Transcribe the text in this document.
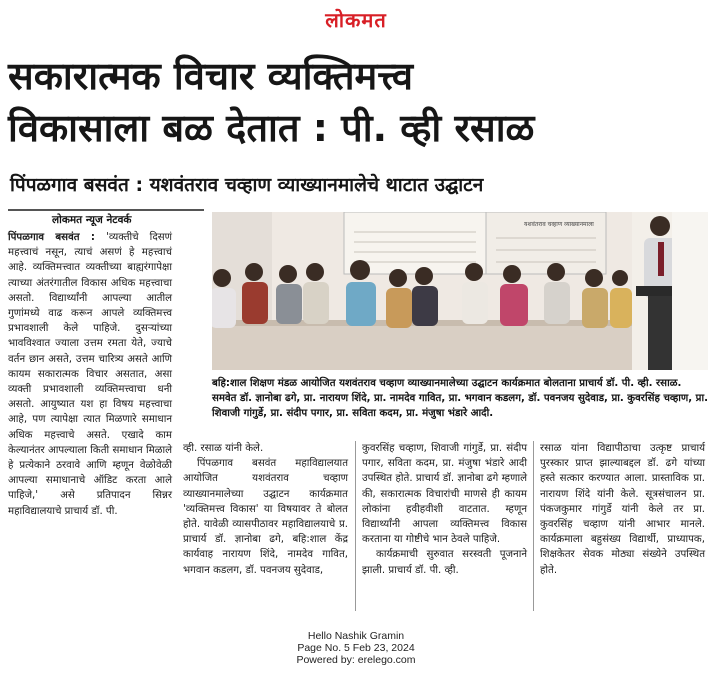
लोकमत
सकारात्मक विचार व्यक्तिमत्त्व
विकासाला बळ देतात : पी. व्ही रसाळ
पिंपळगाव बसवंत : यशवंतराव चव्हाण व्याख्यानमालेचे थाटात उद्घाटन
लोकमत न्यूज नेटवर्क

पिंपळगाव बसवंत : 'व्यक्तीचे दिसणं महत्त्वाचं नसून, त्याचं असणं हे महत्त्वाचं आहे. व्यक्तिमत्त्वात व्यक्तीच्या बाह्यरंगापेक्षा त्याच्या अंतरंगातील विकास अधिक महत्त्वाचा असतो. विद्यार्थ्यांनी आपल्या आतील गुणांमध्ये वाढ करून आपले व्यक्तिमत्त्व प्रभावशाली केले पाहिजे. दुसऱ्यांच्या भावविश्वात ज्याला उत्तम रमता येते, ज्याचे वर्तन छान असते, उत्तम चारित्र्य असते आणि कायम सकारात्मक विचार असतात, असा व्यक्ती प्रभावशाली व्यक्तिमत्त्वाचा धनी असतो. आयुष्यात यश हा विषय महत्त्वाचा आहे, पण त्यापेक्षा त्यात मिळणारे समाधान अधिक महत्त्वाचे असते. एखादे काम केल्यानंतर आपल्याला किती समाधान मिळाले हे प्रत्येकाने ठरवावे आणि म्हणून वेळोवेळी आपल्या समाधानाचे ऑडिट करता आले पाहिजे,' असे प्रतिपादन सिन्नर महाविद्यालयाचे प्राचार्य डॉ. पी.

यशवंतराव चव्हाण व्याख्यानमाला
बहि:शाल शिक्षण मंडळ आयोजित यशवंतराव चव्हाण व्याख्यानमालेच्या उद्घाटन कार्यक्रमात बोलताना प्राचार्य डॉ. पी. व्ही. रसाळ. समवेत डॉ. ज्ञानोबा ढगे, प्रा. नारायण शिंदे, प्रा. नामदेव गावित, प्रा. भगवान कडलग, डॉ. पवनजय सुदेवाड, प्रा. कुवरसिंह चव्हाण, प्रा. शिवाजी गांगुर्डे, प्रा. संदीप पगार, प्रा. सविता कदम, प्रा. मंजुषा भंडारे आदी.

व्ही. रसाळ यांनी केले.

पिंपळगाव बसवंत महाविद्यालयात आयोजित यशवंतराव चव्हाण व्याख्यानमालेच्या उद्घाटन कार्यक्रमात 'व्यक्तिमत्त्व विकास' या विषयावर ते बोलत होते. यावेळी व्यासपीठावर महाविद्यालयाचे प्र. प्राचार्य डॉ. ज्ञानोबा ढगे, बहि:शाल केंद्र कार्यवाह नारायण शिंदे, नामदेव गावित, भगवान कडलग, डॉ. पवनजय सुदेवाड,

कुवरसिंह चव्हाण, शिवाजी गांगुर्डे, प्रा. संदीप पगार, सविता कदम, प्रा. मंजुषा भंडारे आदी उपस्थित होते. प्राचार्य डॉ. ज्ञानोबा ढगे म्हणाले की, सकारात्मक विचारांची माणसे ही कायम लोकांना हवीहवीशी वाटतात. म्हणून विद्यार्थ्यांनी आपला व्यक्तिमत्त्व विकास करताना या गोष्टीचे भान ठेवले पाहिजे.

कार्यक्रमाची सुरुवात सरस्वती पूजनाने झाली. प्राचार्य डॉ. पी. व्ही.

रसाळ यांना विद्यापीठाचा उत्कृष्ट प्राचार्य पुरस्कार प्राप्त झाल्याबद्दल डॉ. ढगे यांच्या हस्ते सत्कार करण्यात आला. प्रास्ताविक प्रा. नारायण शिंदे यांनी केले. सूत्रसंचालन प्रा. पंकजकुमार गांगुर्डे यांनी केले तर प्रा. कुवरसिंह चव्हाण यांनी आभार मानले. कार्यक्रमाला बहुसंख्य विद्यार्थी, प्राध्यापक, शिक्षकेतर सेवक मोठ्या संख्येने उपस्थित होते.

Hello Nashik Gramin
Page No. 5 Feb 23, 2024
Powered by: erelego.com
